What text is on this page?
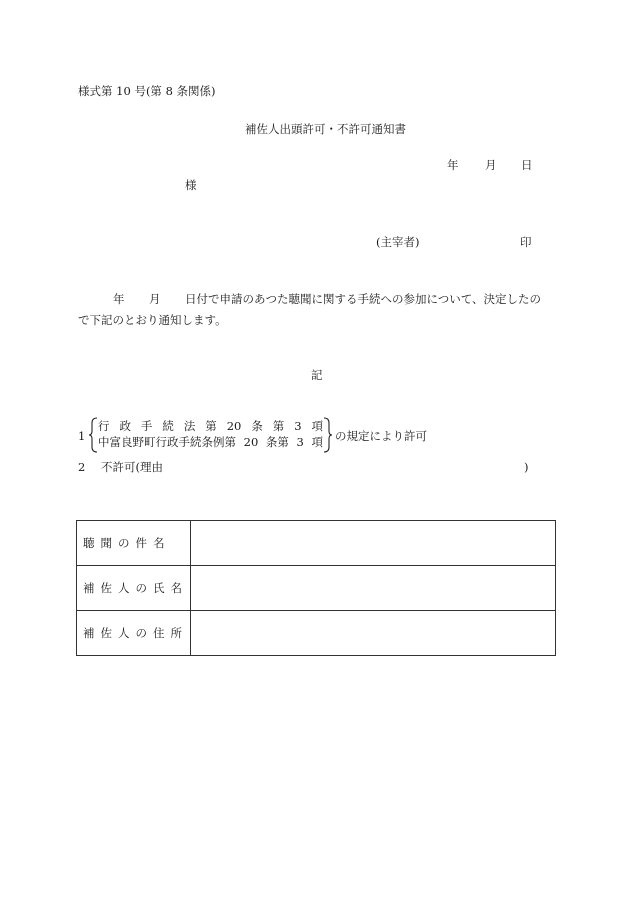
様式第 10 号(第 8 条関係)
補佐人出頭許可・不許可通知書
年 月 日
様
(主宰者)	印
年 月 日付で申請のあつた聴聞に関する手続への参加について、決定したの
で下記のとおり通知します。
記
1
行 政 手 続 法 第 20 条 第 3 項
中富良野町行政手続条例第 20 条第 3 項 の規定により許可
2 不許可(理由	)
聴聞の件名	
補佐人の氏名	
補佐人の住所	
